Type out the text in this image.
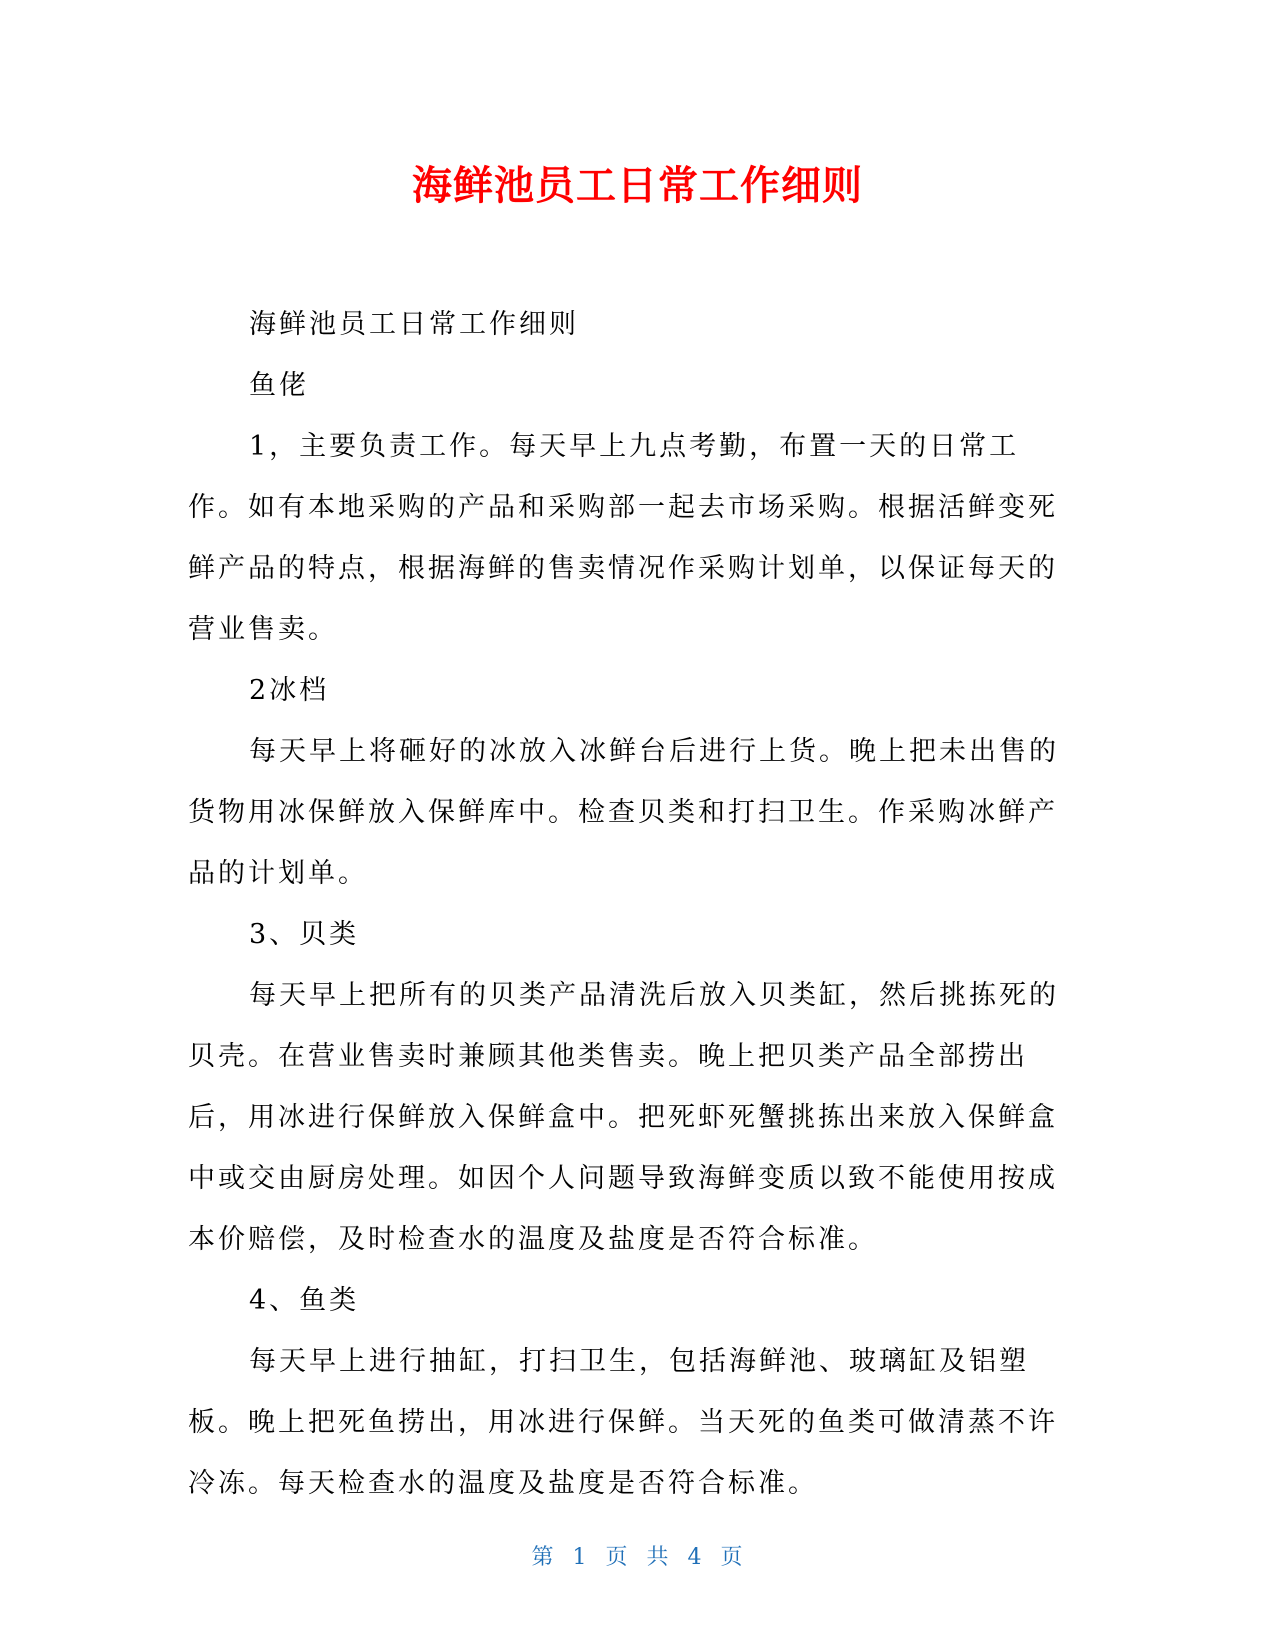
海鲜池员工日常工作细则

海鲜池员工日常工作细则

鱼佬

1，主要负责工作。每天早上九点考勤，布置一天的日常工作。如有本地采购的产品和采购部一起去市场采购。根据活鲜变死鲜产品的特点，根据海鲜的售卖情况作采购计划单，以保证每天的营业售卖。

2冰档

每天早上将砸好的冰放入冰鲜台后进行上货。晚上把未出售的货物用冰保鲜放入保鲜库中。检查贝类和打扫卫生。作采购冰鲜产品的计划单。

3、贝类

每天早上把所有的贝类产品清洗后放入贝类缸，然后挑拣死的贝壳。在营业售卖时兼顾其他类售卖。晚上把贝类产品全部捞出后，用冰进行保鲜放入保鲜盒中。把死虾死蟹挑拣出来放入保鲜盒中或交由厨房处理。如因个人问题导致海鲜变质以致不能使用按成本价赔偿，及时检查水的温度及盐度是否符合标准。

4、鱼类

每天早上进行抽缸，打扫卫生，包括海鲜池、玻璃缸及铝塑板。晚上把死鱼捞出，用冰进行保鲜。当天死的鱼类可做清蒸不许冷冻。每天检查水的温度及盐度是否符合标准。

第 1 页 共 4 页
